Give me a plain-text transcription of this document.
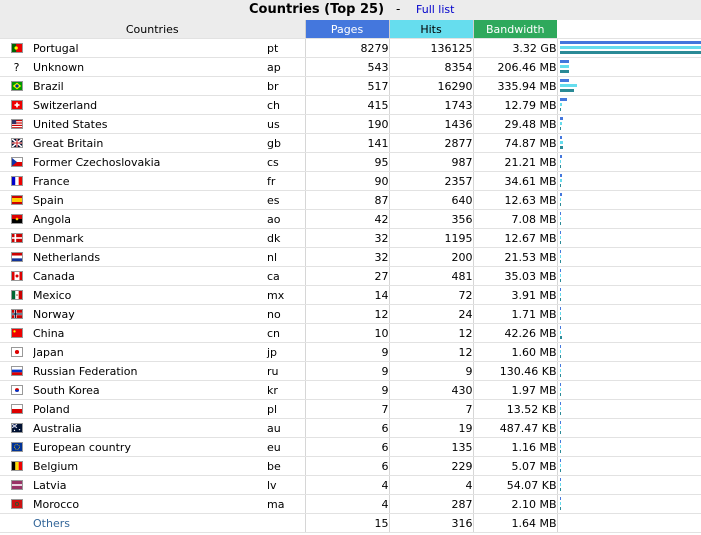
Countries (Top 25) - Full list
Countries			Pages	Hits	Bandwidth	

	Portugal	pt	8279	136125	3.32 GB	

?	Unknown	ap	543	8354	206.46 MB	

	Brazil	br	517	16290	335.94 MB	

	Switzerland	ch	415	1743	12.79 MB	

	United States	us	190	1436	29.48 MB	

	Great Britain	gb	141	2877	74.87 MB	

	Former Czechoslovakia	cs	95	987	21.21 MB	

	France	fr	90	2357	34.61 MB	

	Spain	es	87	640	12.63 MB	

	Angola	ao	42	356	7.08 MB	

	Denmark	dk	32	1195	12.67 MB	

	Netherlands	nl	32	200	21.53 MB	

	Canada	ca	27	481	35.03 MB	

	Mexico	mx	14	72	3.91 MB	

	Norway	no	12	24	1.71 MB	

	China	cn	10	12	42.26 MB	

	Japan	jp	9	12	1.60 MB	

	Russian Federation	ru	9	9	130.46 KB	

	South Korea	kr	9	430	1.97 MB	

	Poland	pl	7	7	13.52 KB	

	Australia	au	6	19	487.47 KB	

	European country	eu	6	135	1.16 MB	

	Belgium	be	6	229	5.07 MB	

	Latvia	lv	4	4	54.07 KB	

	Morocco	ma	4	287	2.10 MB	

	Others		15	316	1.64 MB	
